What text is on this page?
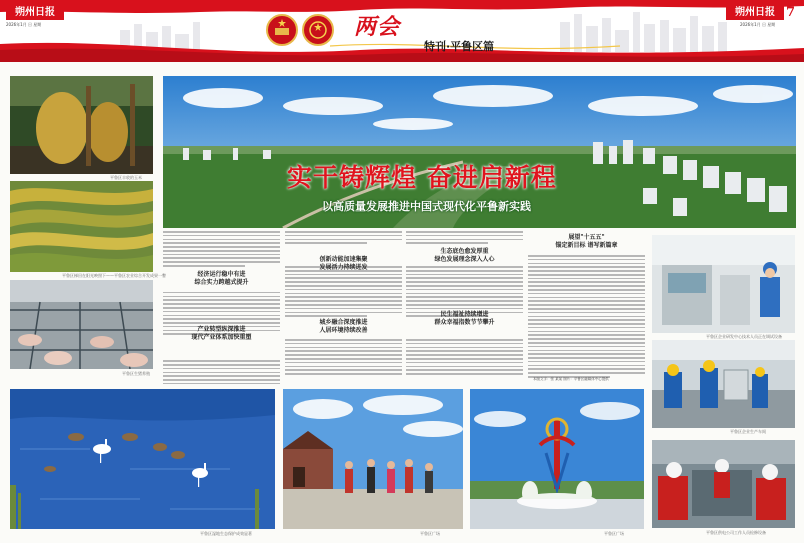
朔州日报
2026年1月 日 星期
朔州日报 7
2026年1月 日 星期
两会
特刊·平鲁区篇
平鲁区丰收的玉米
平鲁区梯田在阳光映照下——平鲁区农业综合开发成果一瞥
平鲁区生猪养殖
实干铸辉煌 奋进启新程
以高质量发展推进中国式现代化平鲁新实践
经济运行稳中有进
综合实力跨越式提升
产业转型纵深推进
现代产业体系加快重塑
创新动能加速集聚
发展活力持续迸发
城乡融合深度推进
人居环境持续改善
生态底色愈发厚重
绿色发展理念深入人心
民生福祉持续增进
群众幸福指数节节攀升
展望"十五五"
锚定新目标 谱写新篇章
本版文字：张 某某 图片：平鲁区融媒体中心提供
平鲁区企业研发中心技术人员正在调试设备
平鲁区企业生产车间
平鲁区供电公司工作人员检修设备
平鲁区湿地生态保护成效显著	平鲁区广场	平鲁区广场
